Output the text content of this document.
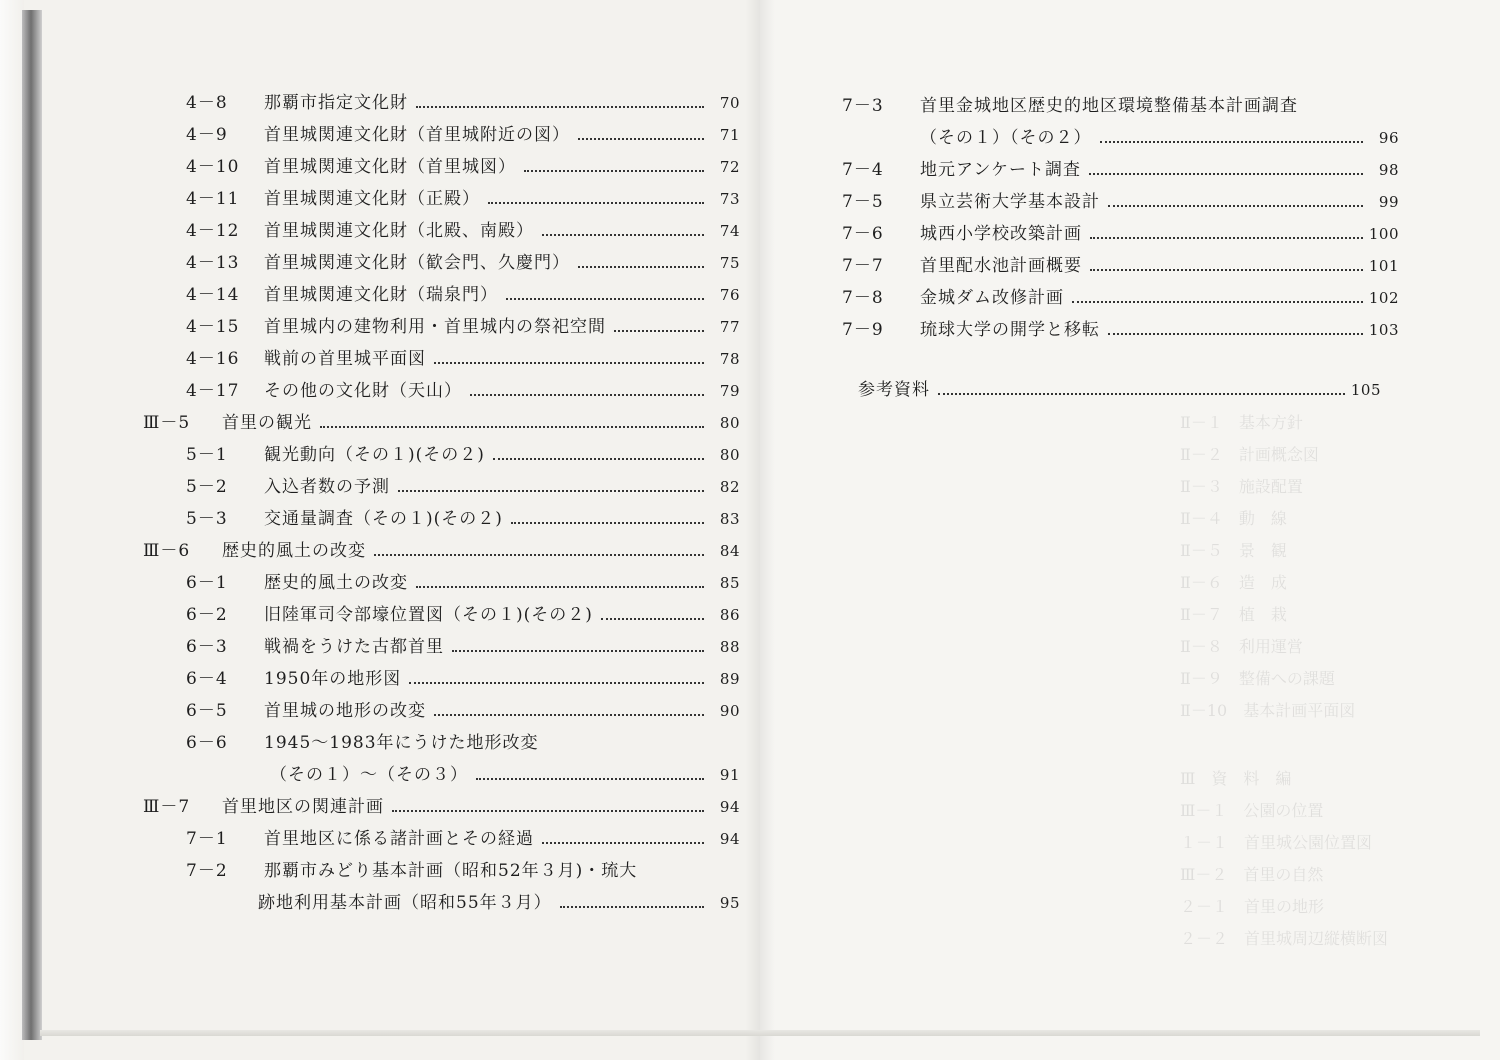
Ⅱ－１　基本方針
Ⅱ－２　計画概念図
Ⅱ－３　施設配置
Ⅱ－４　動　線
Ⅱ－５　景　観
Ⅱ－６　造　成
Ⅱ－７　植　栽
Ⅱ－８　利用運営
Ⅱ－９　整備への課題
Ⅱ－10　基本計画平面図
Ⅲ　資　料　編
Ⅲ－１　公園の位置
１－１　首里城公園位置図
Ⅲ－２　首里の自然
２－１　首里の地形
２－２　首里城周辺縦横断図
4－8 那覇市指定文化財	70
4－9 首里城関連文化財（首里城附近の図）	71
4－10 首里城関連文化財（首里城図）	72
4－11 首里城関連文化財（正殿）	73
4－12 首里城関連文化財（北殿、南殿）	74
4－13 首里城関連文化財（歓会門、久慶門）	75
4－14 首里城関連文化財（瑞泉門）	76
4－15 首里城内の建物利用・首里城内の祭祀空間	77
4－16 戦前の首里城平面図	78
4－17 その他の文化財（天山）	79
Ⅲ－5 首里の観光	80
5－1 観光動向（その１)(その２)	80
5－2 入込者数の予測	82
5－3 交通量調査（その１)(その２)	83
Ⅲ－6 歴史的風土の改変	84
6－1 歴史的風土の改変	85
6－2 旧陸軍司令部壕位置図（その１)(その２)	86
6－3 戦禍をうけた古都首里	88
6－4 1950年の地形図	89
6－5 首里城の地形の改変	90
6－6 1945～1983年にうけた地形改変
（その１）～（その３）	91
Ⅲ－7 首里地区の関連計画	94
7－1 首里地区に係る諸計画とその経過	94
7－2 那覇市みどり基本計画（昭和52年３月)・琉大
跡地利用基本計画（昭和55年３月）	95
7－3 首里金城地区歴史的地区環境整備基本計画調査
（その１）（その２）	96
7－4 地元アンケート調査	98
7－5 県立芸術大学基本設計	99
7－6 城西小学校改築計画	100
7－7 首里配水池計画概要	101
7－8 金城ダム改修計画	102
7－9 琉球大学の開学と移転	103
参考資料	105
